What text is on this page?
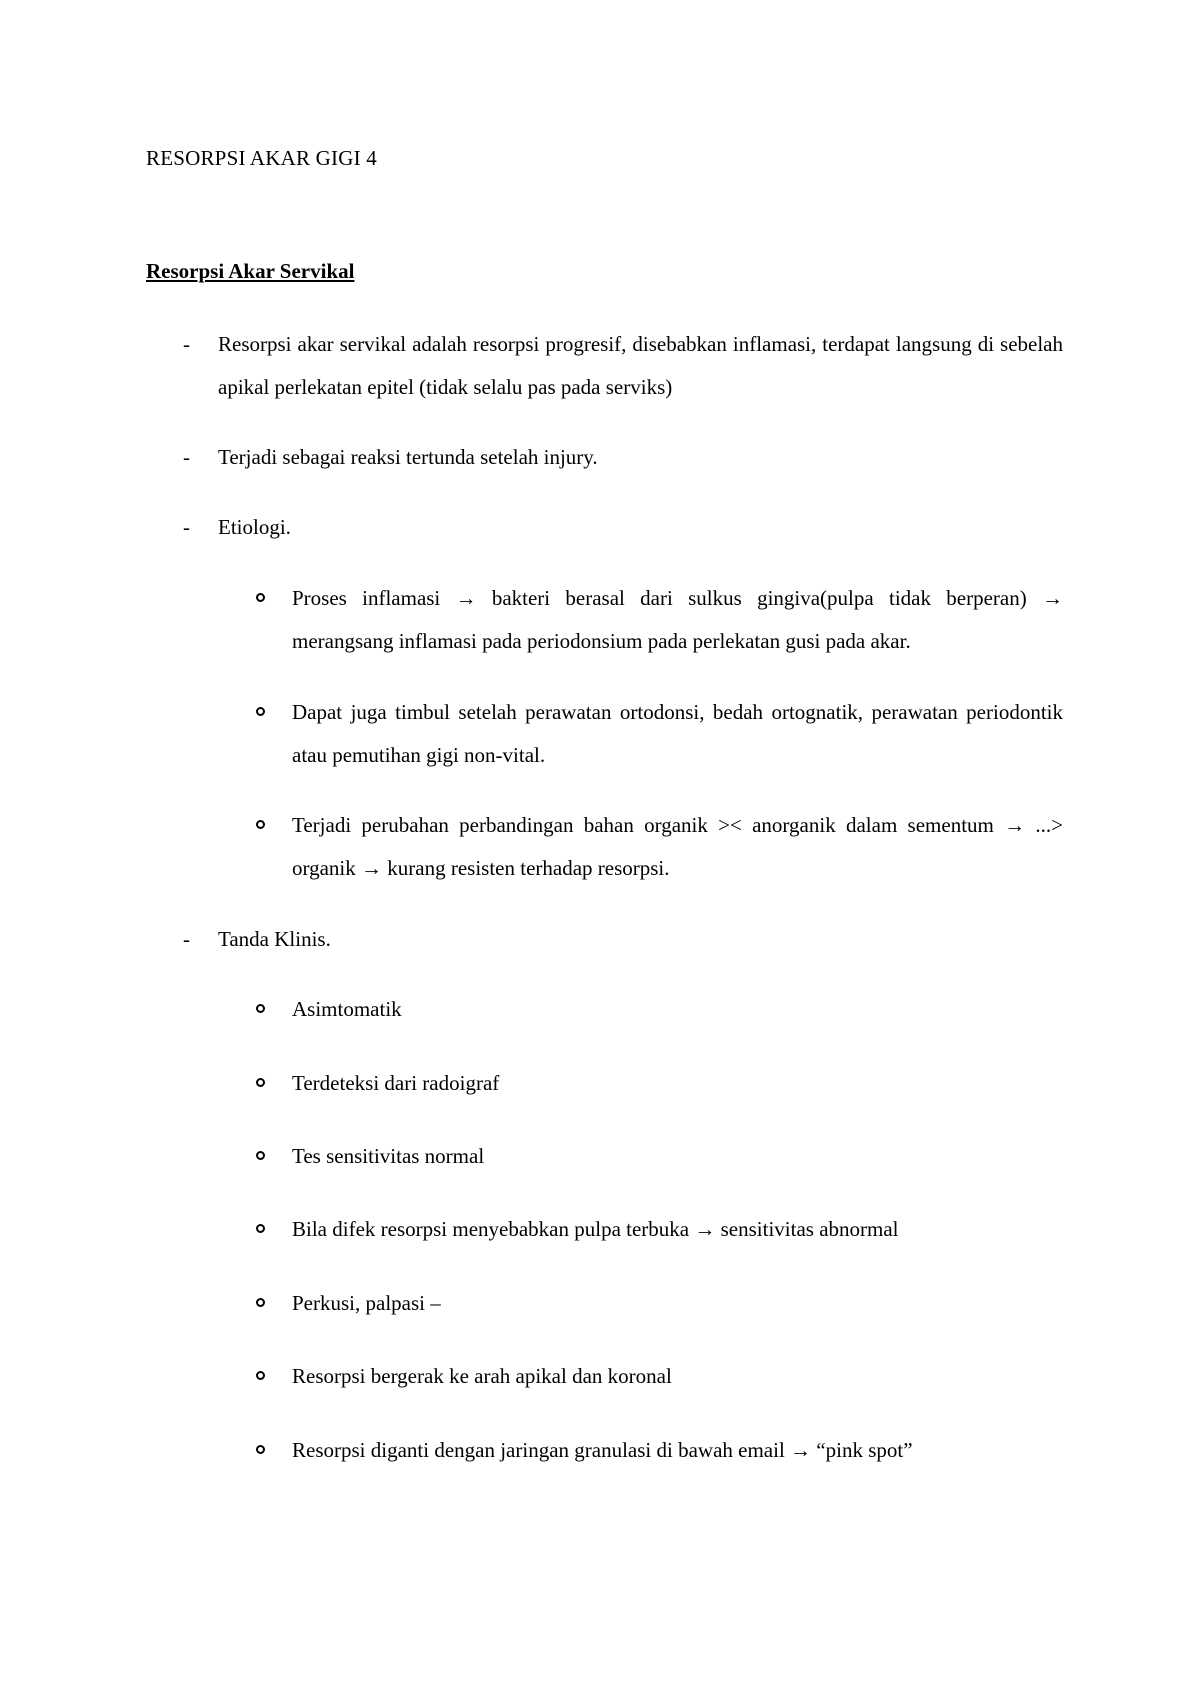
RESORPSI AKAR GIGI 4
Resorpsi Akar Servikal
-	Resorpsi akar servikal adalah resorpsi progresif, disebabkan inflamasi, terdapat langsung di sebelah apikal perlekatan epitel (tidak selalu pas pada serviks)
-	Terjadi sebagai reaksi tertunda setelah injury.
-	Etiologi.
Proses inflamasi → bakteri berasal dari sulkus gingiva(pulpa tidak berperan) → merangsang inflamasi pada periodonsium pada perlekatan gusi pada akar.
Dapat juga timbul setelah perawatan ortodonsi, bedah ortognatik, perawatan periodontik atau pemutihan gigi non-vital.
Terjadi perubahan perbandingan bahan organik >< anorganik dalam sementum → ...> organik → kurang resisten terhadap resorpsi.
-	Tanda Klinis.
Asimtomatik
Terdeteksi dari radoigraf
Tes sensitivitas normal
Bila difek resorpsi menyebabkan pulpa terbuka → sensitivitas abnormal
Perkusi, palpasi –
Resorpsi bergerak ke arah apikal dan koronal
Resorpsi diganti dengan jaringan granulasi di bawah email → “pink spot”
